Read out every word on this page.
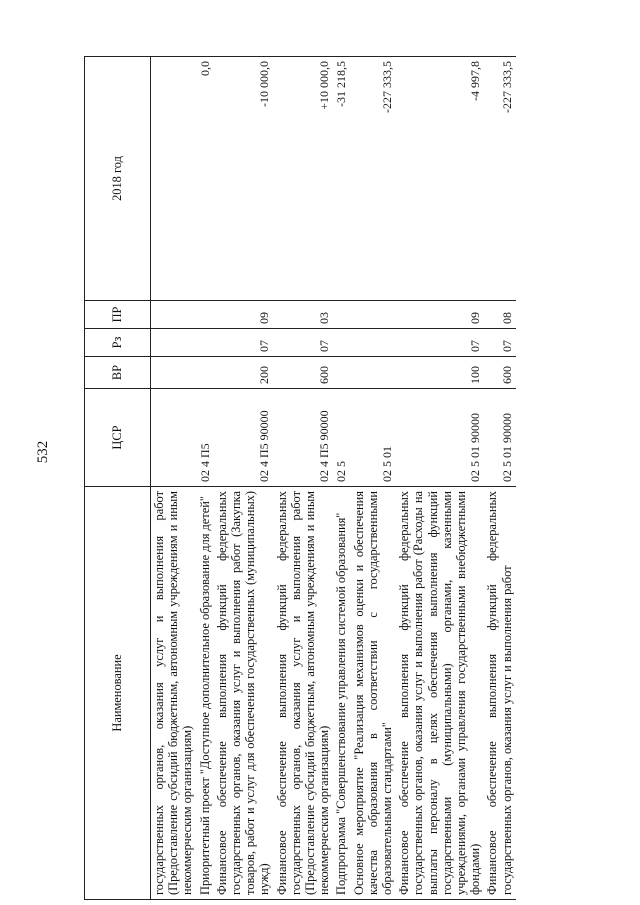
532
Наименование	ЦСР	ВР	Рз	ПР	2018 год
государственных органов, оказания услуг и выполнения работ (Предоставление субсидий бюджетным, автономным учреждениям и иным некоммерческим организациям)					
Приоритетный проект "Доступное дополнительное образование для детей"	02 4 П5				0,0
Финансовое обеспечение выполнения функций федеральных государственных органов, оказания услуг и выполнения работ (Закупка товаров, работ и услуг для обеспечения государственных (муниципальных) нужд)	02 4 П5 90000	200	07	09	-10 000,0
Финансовое обеспечение выполнения функций федеральных государственных органов, оказания услуг и выполнения работ (Предоставление субсидий бюджетным, автономным учреждениям и иным некоммерческим организациям)	02 4 П5 90000	600	07	03	+10 000,0
Подпрограмма "Совершенствование управления системой образования"	02 5				-31 218,5
Основное мероприятие "Реализация механизмов оценки и обеспечения качества образования в соответствии с государственными образовательными стандартами"	02 5 01				-227 333,5
Финансовое обеспечение выполнения функций федеральных государственных органов, оказания услуг и выполнения работ (Расходы на выплаты персоналу в целях обеспечения выполнения функций государственными (муниципальными) органами, казенными учреждениями, органами управления государственными внебюджетными фондами)	02 5 01 90000	100	07	09	-4 997,8
Финансовое обеспечение выполнения функций федеральных государственных органов, оказания услуг и выполнения работ	02 5 01 90000	600	07	08	-227 333,5
